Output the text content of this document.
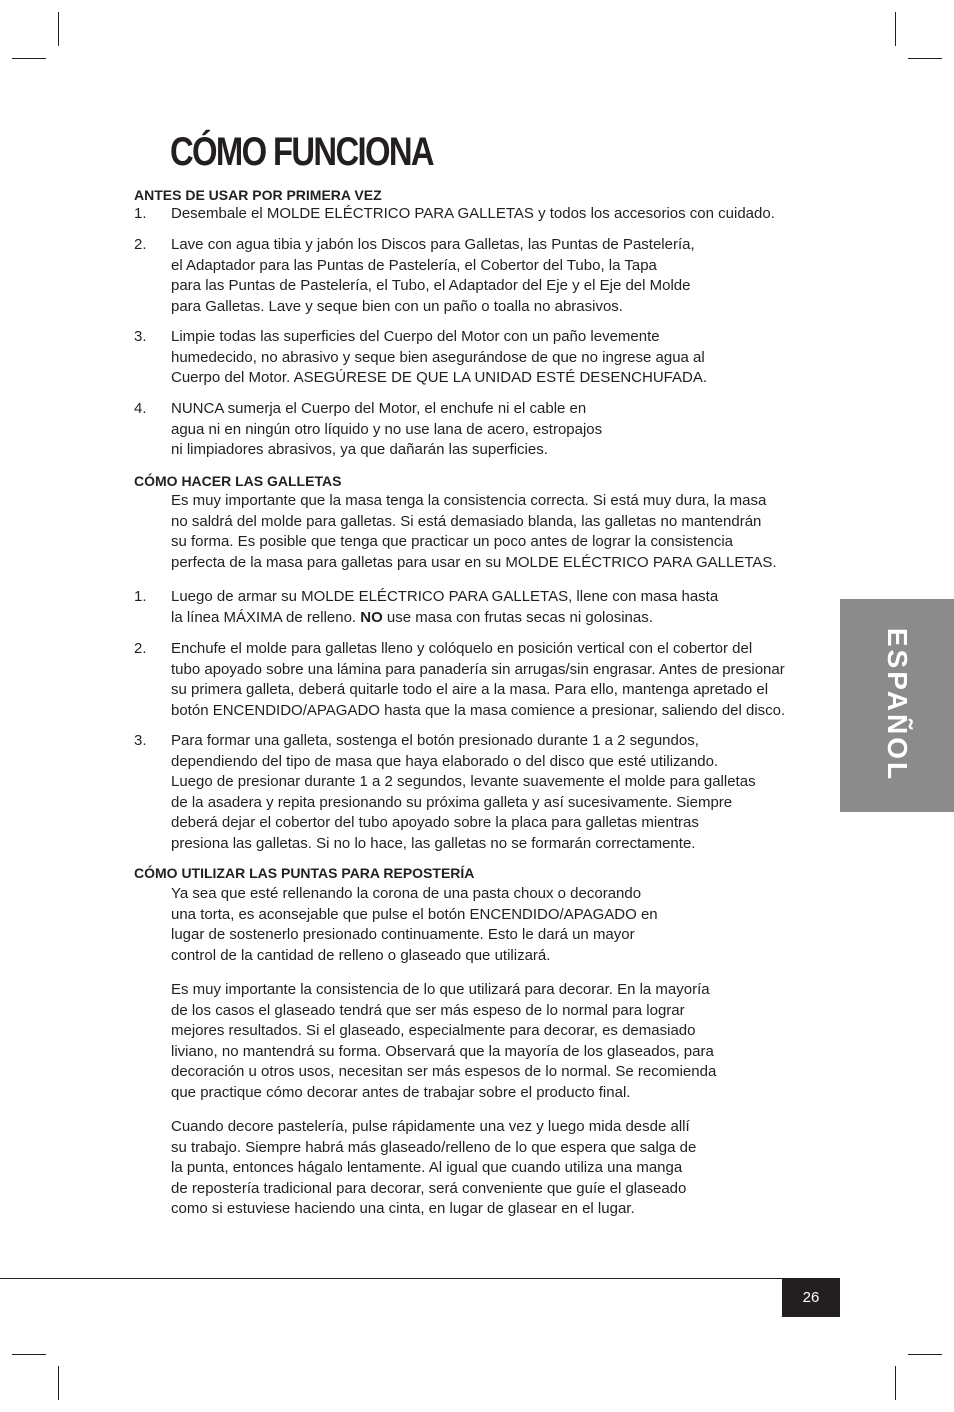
CÓMO FUNCIONA

ANTES DE USAR POR PRIMERA VEZ

1. Desembale el MOLDE ELÉCTRICO PARA GALLETAS y todos los accesorios con cuidado.

2. Lave con agua tibia y jabón los Discos para Galletas, las Puntas de Pastelería,
el Adaptador para las Puntas de Pastelería, el Cobertor del Tubo, la Tapa
para las Puntas de Pastelería, el Tubo, el Adaptador del Eje y el Eje del Molde
para Galletas. Lave y seque bien con un paño o toalla no abrasivos.

3. Limpie todas las superficies del Cuerpo del Motor con un paño levemente
humedecido, no abrasivo y seque bien asegurándose de que no ingrese agua al
Cuerpo del Motor. ASEGÚRESE DE QUE LA UNIDAD ESTÉ DESENCHUFADA.

4. NUNCA sumerja el Cuerpo del Motor, el enchufe ni el cable en
agua ni en ningún otro líquido y no use lana de acero, estropajos
ni limpiadores abrasivos, ya que dañarán las superficies.

CÓMO HACER LAS GALLETAS

Es muy importante que la masa tenga la consistencia correcta. Si está muy dura, la masa
no saldrá del molde para galletas. Si está demasiado blanda, las galletas no mantendrán
su forma. Es posible que tenga que practicar un poco antes de lograr la consistencia
perfecta de la masa para galletas para usar en su MOLDE ELÉCTRICO PARA GALLETAS.

1. Luego de armar su MOLDE ELÉCTRICO PARA GALLETAS, llene con masa hasta
la línea MÁXIMA de relleno. NO use masa con frutas secas ni golosinas.

2. Enchufe el molde para galletas lleno y colóquelo en posición vertical con el cobertor del
tubo apoyado sobre una lámina para panadería sin arrugas/sin engrasar. Antes de presionar
su primera galleta, deberá quitarle todo el aire a la masa. Para ello, mantenga apretado el
botón ENCENDIDO/APAGADO hasta que la masa comience a presionar, saliendo del disco.

3. Para formar una galleta, sostenga el botón presionado durante 1 a 2 segundos,
dependiendo del tipo de masa que haya elaborado o del disco que esté utilizando.
Luego de presionar durante 1 a 2 segundos, levante suavemente el molde para galletas
de la asadera y repita presionando su próxima galleta y así sucesivamente. Siempre
deberá dejar el cobertor del tubo apoyado sobre la placa para galletas mientras
presiona las galletas. Si no lo hace, las galletas no se formarán correctamente.

CÓMO UTILIZAR LAS PUNTAS PARA REPOSTERÍA

Ya sea que esté rellenando la corona de una pasta choux o decorando
una torta, es aconsejable que pulse el botón ENCENDIDO/APAGADO en
lugar de sostenerlo presionado continuamente. Esto le dará un mayor
control de la cantidad de relleno o glaseado que utilizará.

Es muy importante la consistencia de lo que utilizará para decorar. En la mayoría
de los casos el glaseado tendrá que ser más espeso de lo normal para lograr
mejores resultados. Si el glaseado, especialmente para decorar, es demasiado
liviano, no mantendrá su forma. Observará que la mayoría de los glaseados, para
decoración u otros usos, necesitan ser más espesos de lo normal. Se recomienda
que practique cómo decorar antes de trabajar sobre el producto final.

Cuando decore pastelería, pulse rápidamente una vez y luego mida desde allí
su trabajo. Siempre habrá más glaseado/relleno de lo que espera que salga de
la punta, entonces hágalo lentamente. Al igual que cuando utiliza una manga
de repostería tradicional para decorar, será conveniente que guíe el glaseado
como si estuviese haciendo una cinta, en lugar de glasear en el lugar.

ESPAÑOL
26
